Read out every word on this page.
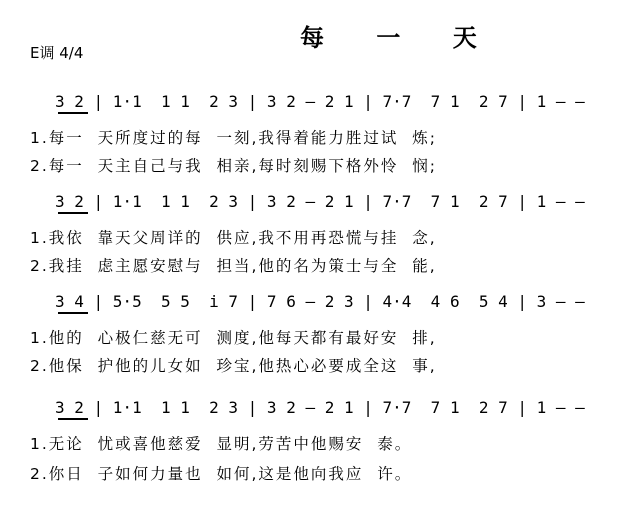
每 一 天
E调 4/4
3 2 | 1·1  1 1  2 3 | 3 2 – 2 1 | 7·7  7 1  2 7 | 1 – –
1.每一  天所度过的每  一刻,我得着能力胜过试  炼;
2.每一  天主自己与我  相亲,每时刻赐下格外怜  悯;
3 2 | 1·1  1 1  2 3 | 3 2 – 2 1 | 7·7  7 1  2 7 | 1 – –
1.我依  靠天父周详的  供应,我不用再恐慌与挂  念,
2.我挂  虑主愿安慰与  担当,他的名为策士与全  能,
3 4 | 5·5  5 5  i 7 | 7 6 – 2 3 | 4·4  4 6  5 4 | 3 – –
1.他的  心极仁慈无可  测度,他每天都有最好安  排,
2.他保  护他的儿女如  珍宝,他热心必要成全这  事,
3 2 | 1·1  1 1  2 3 | 3 2 – 2 1 | 7·7  7 1  2 7 | 1 – –
1.无论  忧或喜他慈爱  显明,劳苦中他赐安  泰。
2.你日  子如何力量也  如何,这是他向我应  许。
